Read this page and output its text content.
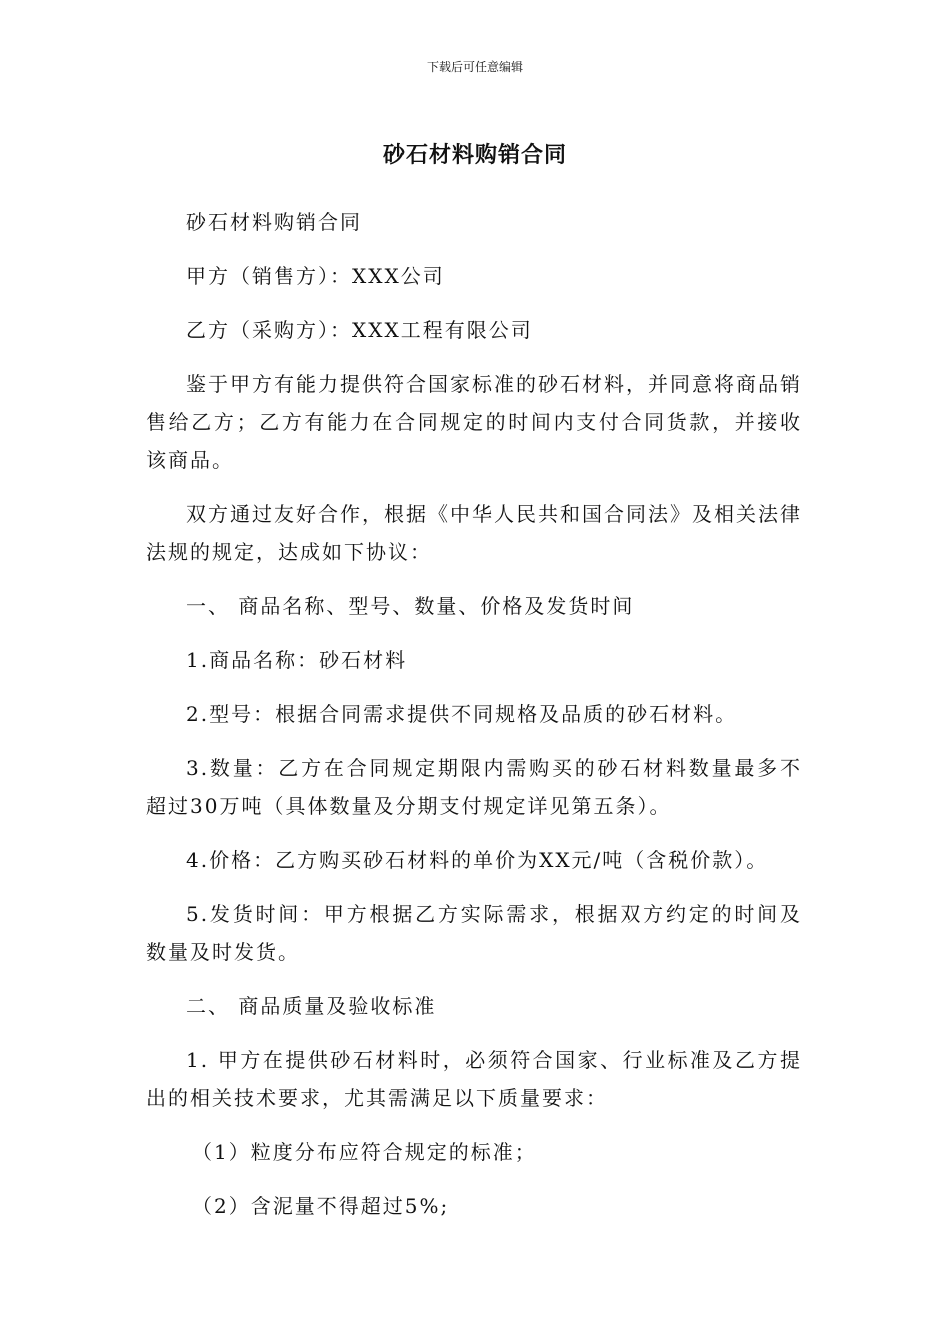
下载后可任意编辑
砂石材料购销合同

砂石材料购销合同

甲方（销售方）：XXX公司

乙方（采购方）：XXX工程有限公司

鉴于甲方有能力提供符合国家标准的砂石材料，并同意将商品销售给乙方；乙方有能力在合同规定的时间内支付合同货款，并接收该商品。

双方通过友好合作，根据《中华人民共和国合同法》及相关法律法规的规定，达成如下协议：

一、 商品名称、型号、数量、价格及发货时间

1.商品名称：砂石材料

2.型号：根据合同需求提供不同规格及品质的砂石材料。

3.数量：乙方在合同规定期限内需购买的砂石材料数量最多不超过30万吨（具体数量及分期支付规定详见第五条）。

4.价格：乙方购买砂石材料的单价为XX元/吨（含税价款）。

5.发货时间：甲方根据乙方实际需求，根据双方约定的时间及数量及时发货。

二、 商品质量及验收标准

1. 甲方在提供砂石材料时，必须符合国家、行业标准及乙方提出的相关技术要求，尤其需满足以下质量要求：

（1）粒度分布应符合规定的标准；

（2）含泥量不得超过5%;
